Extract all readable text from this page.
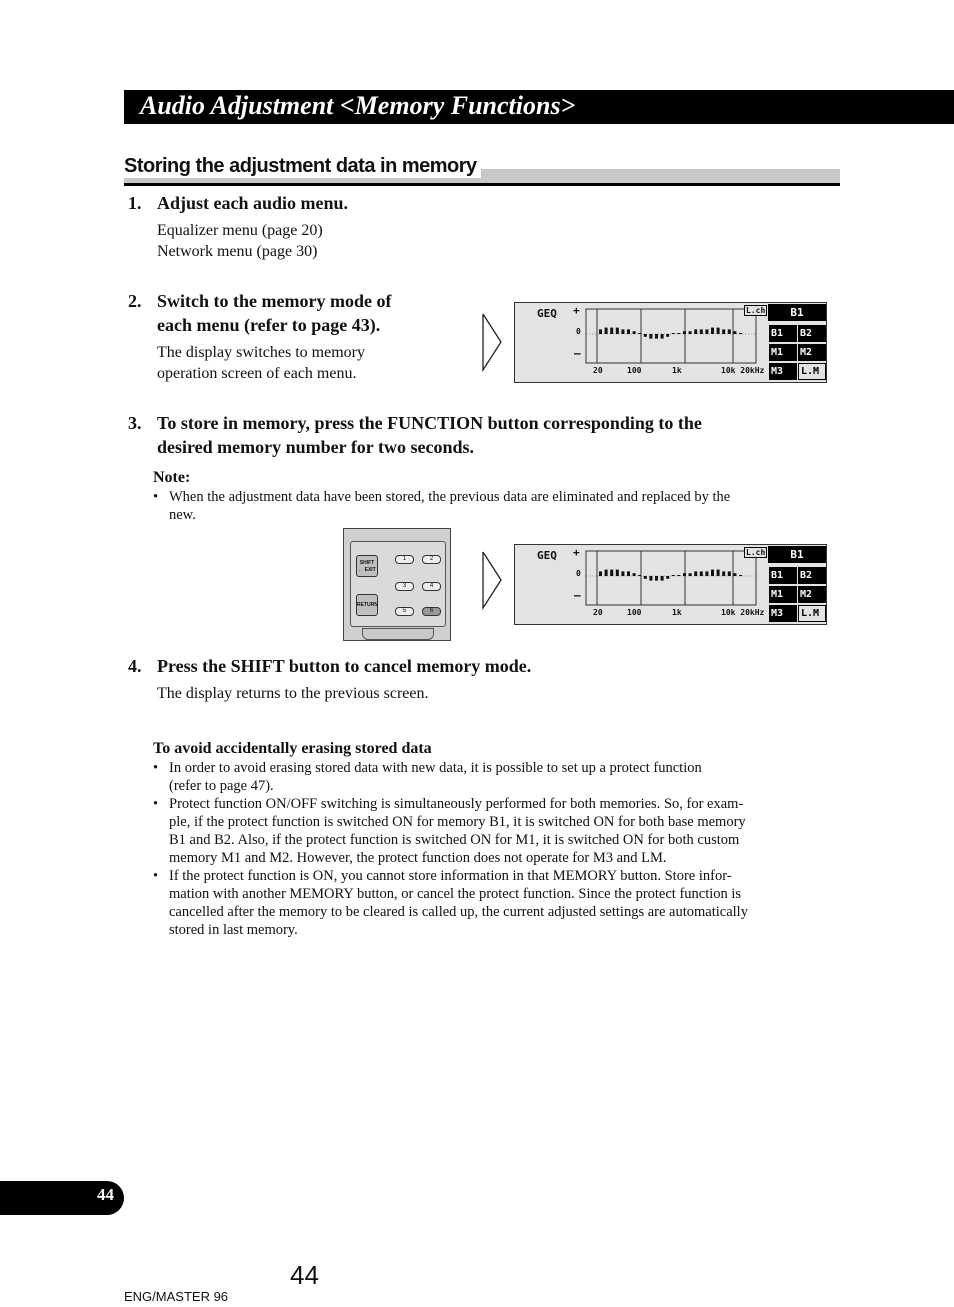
Audio Adjustment <Memory Functions>
Storing the adjustment data in memory
1. Adjust each audio menu.
Equalizer menu (page 20)
Network menu (page 30)
2. Switch to the memory mode of
each menu (refer to page 43).
The display switches to memory
operation screen of each menu.
GEQ +
0
–
L.ch
20	100	1k	10k 20kHz
B1
B1	B2
M1	M2
M3	L.M
3. To store in memory, press the FUNCTION button corresponding to the
desired memory number for two seconds.
Note:
• When the adjustment data have been stored, the previous data are eliminated and replaced by the
new.
SHIFT
← EXIT
RETURN
1	2
3	4
5	6
GEQ +
0
–
L.ch
20	100	1k	10k 20kHz
B1
B1	B2
M1	M2
M3	L.M
4. Press the SHIFT button to cancel memory mode.
The display returns to the previous screen.
To avoid accidentally erasing stored data
• In order to avoid erasing stored data with new data, it is possible to set up a protect function
(refer to page 47).
• Protect function ON/OFF switching is simultaneously performed for both memories. So, for exam-
ple, if the protect function is switched ON for memory B1, it is switched ON for both base memory
B1 and B2. Also, if the protect function is switched ON for M1, it is switched ON for both custom
memory M1 and M2. However, the protect function does not operate for M3 and LM.
• If the protect function is ON, you cannot store information in that MEMORY button. Store infor-
mation with another MEMORY button, or cancel the protect function. Since the protect function is
cancelled after the memory to be cleared is called up, the current adjusted settings are automatically
stored in last memory.
44
44
ENG/MASTER 96
